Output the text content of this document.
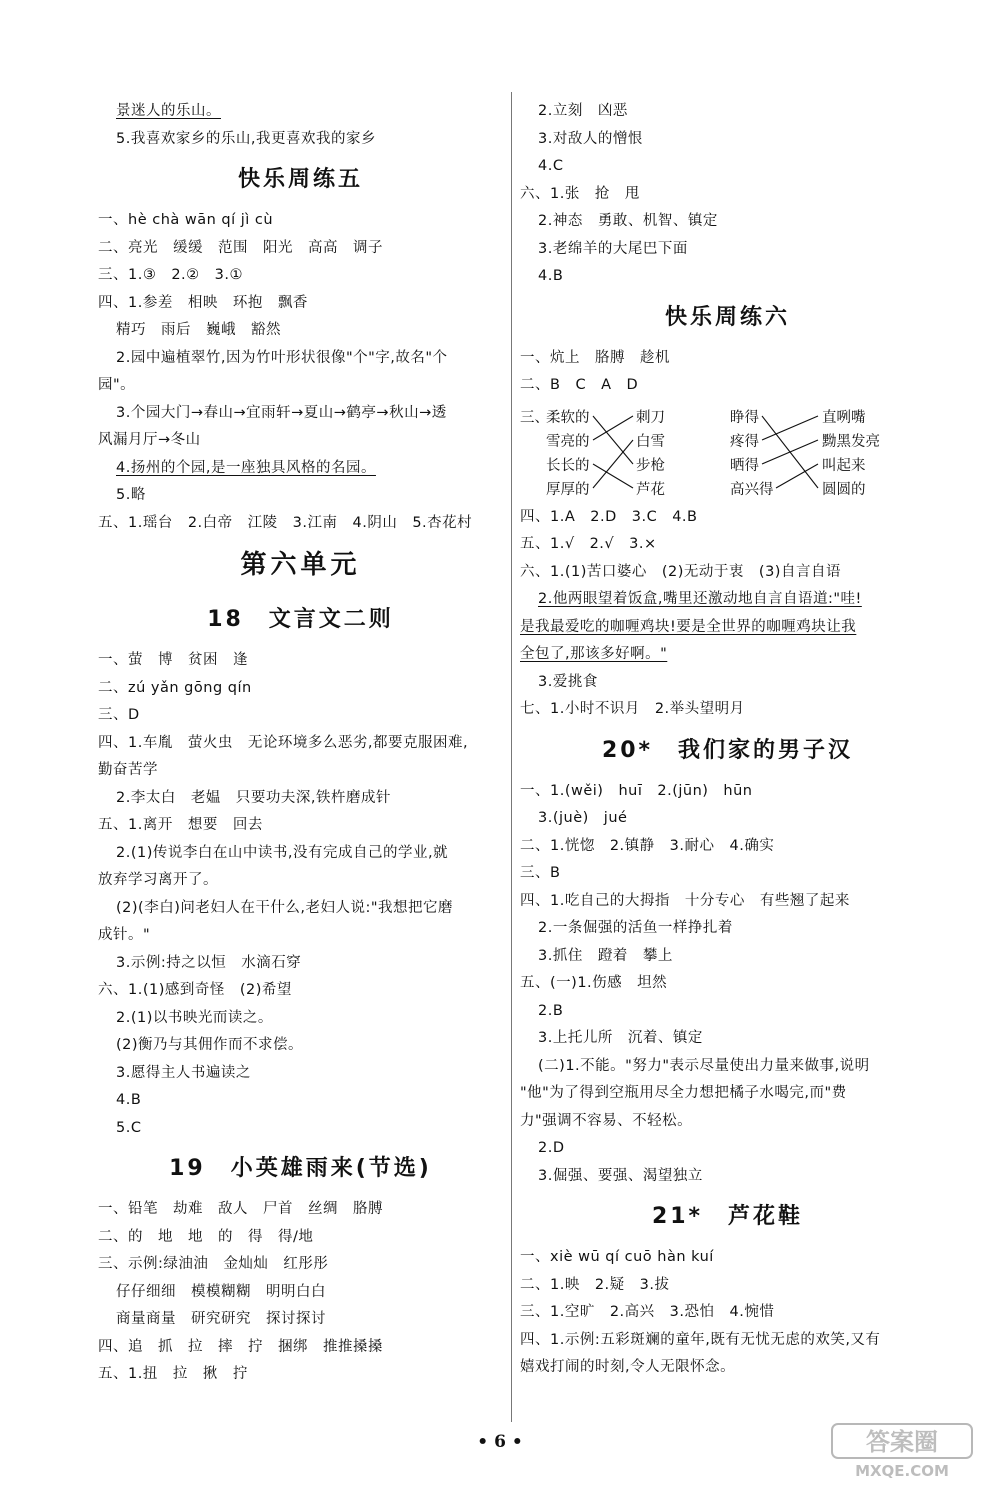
景迷人的乐山。
5.我喜欢家乡的乐山,我更喜欢我的家乡
快乐周练五
一、hè chà wān qí jì cù
二、亮光　缓缓　范围　阳光　高高　调子
三、1.③　2.②　3.①
四、1.参差　相映　环抱　飘香
精巧　雨后　巍峨　豁然
2.园中遍植翠竹,因为竹叶形状很像"个"字,故名"个
园"。
3.个园大门→春山→宜雨轩→夏山→鹤亭→秋山→透
风漏月厅→冬山
4.扬州的个园,是一座独具风格的名园。
5.略
五、1.瑶台　2.白帝　江陵　3.江南　4.阴山　5.杏花村
第六单元
18　文言文二则
一、萤　博　贫困　逢
二、zú yǎn gōng qín
三、D
四、1.车胤　萤火虫　无论环境多么恶劣,都要克服困难,
勤奋苦学
2.李太白　老媪　只要功夫深,铁杵磨成针
五、1.离开　想要　回去
2.(1)传说李白在山中读书,没有完成自己的学业,就
放弃学习离开了。
(2)(李白)问老妇人在干什么,老妇人说:"我想把它磨
成针。"
3.示例:持之以恒　水滴石穿
六、1.(1)感到奇怪　(2)希望
2.(1)以书映光而读之。
(2)衡乃与其佣作而不求偿。
3.愿得主人书遍读之
4.B
5.C
19　小英雄雨来(节选)
一、铅笔　劫难　敌人　尸首　丝绸　胳膊
二、的　地　地　的　得　得/地
三、示例:绿油油　金灿灿　红彤彤
仔仔细细　模模糊糊　明明白白
商量商量　研究研究　探讨探讨
四、追　抓　拉　摔　拧　捆绑　推推搡搡
五、1.扭　拉　揪　拧
2.立刻　凶恶
3.对敌人的憎恨
4.C
六、1.张　抢　甩
2.神态　勇敢、机智、镇定
3.老绵羊的大尾巴下面
4.B
快乐周练六
一、炕上　胳膊　趁机
二、B　C　A　D
三、
柔软的
雪亮的
长长的
厚厚的
刺刀
白雪
步枪
芦花
睁得
疼得
晒得
高兴得
直咧嘴
黝黑发亮
叫起来
圆圆的
四、1.A　2.D　3.C　4.B
五、1.√　2.√　3.×
六、1.(1)苦口婆心　(2)无动于衷　(3)自言自语
2.他两眼望着饭盒,嘴里还激动地自言自语道:"哇!
是我最爱吃的咖喱鸡块!要是全世界的咖喱鸡块让我
全包了,那该多好啊。"
3.爱挑食
七、1.小时不识月　2.举头望明月
20*　我们家的男子汉
一、1.(wěi)　huī　2.(jūn)　hūn
3.(juè)　jué
二、1.恍惚　2.镇静　3.耐心　4.确实
三、B
四、1.吃自己的大拇指　十分专心　有些翘了起来
2.一条倔强的活鱼一样挣扎着
3.抓住　蹬着　攀上
五、(一)1.伤感　坦然
2.B
3.上托儿所　沉着、镇定
(二)1.不能。"努力"表示尽量使出力量来做事,说明
"他"为了得到空瓶用尽全力想把橘子水喝完,而"费
力"强调不容易、不轻松。
2.D
3.倔强、要强、渴望独立
21*　芦花鞋
一、xiè wū qí cuō hàn kuí
二、1.映　2.疑　3.拔
三、1.空旷　2.高兴　3.恐怕　4.惋惜
四、1.示例:五彩斑斓的童年,既有无忧无虑的欢笑,又有
嬉戏打闹的时刻,令人无限怀念。
• 6 •	答案圈
MXQE.COM
